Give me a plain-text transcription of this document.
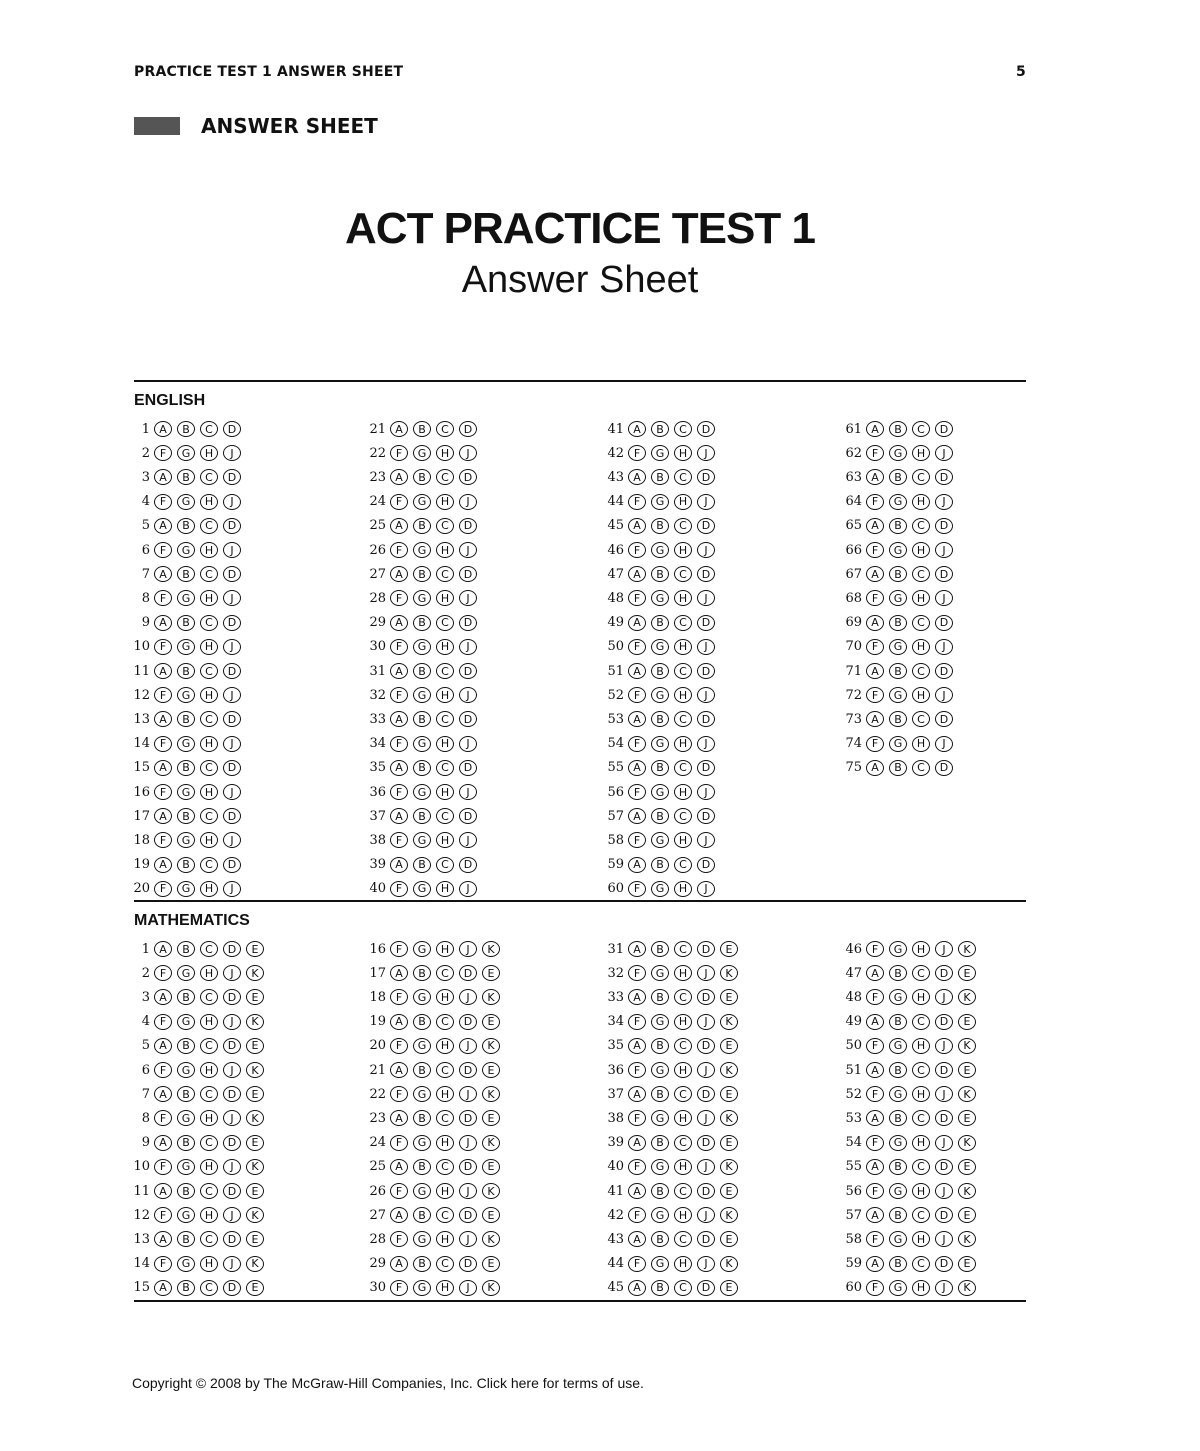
PRACTICE TEST 1 ANSWER SHEET	5
ANSWER SHEET
ACT PRACTICE TEST 1
Answer Sheet
ENGLISH
1 A	B	C	D
2 F	G	H	J
3 A	B	C	D
4 F	G	H	J
5 A	B	C	D
6 F	G	H	J
7 A	B	C	D
8 F	G	H	J
9 A	B	C	D
10 F	G	H	J
11 A	B	C	D
12 F	G	H	J
13 A	B	C	D
14 F	G	H	J
15 A	B	C	D
16 F	G	H	J
17 A	B	C	D
18 F	G	H	J
19 A	B	C	D
20 F	G	H	J
21 A	B	C	D
22 F	G	H	J
23 A	B	C	D
24 F	G	H	J
25 A	B	C	D
26 F	G	H	J
27 A	B	C	D
28 F	G	H	J
29 A	B	C	D
30 F	G	H	J
31 A	B	C	D
32 F	G	H	J
33 A	B	C	D
34 F	G	H	J
35 A	B	C	D
36 F	G	H	J
37 A	B	C	D
38 F	G	H	J
39 A	B	C	D
40 F	G	H	J
41 A	B	C	D
42 F	G	H	J
43 A	B	C	D
44 F	G	H	J
45 A	B	C	D
46 F	G	H	J
47 A	B	C	D
48 F	G	H	J
49 A	B	C	D
50 F	G	H	J
51 A	B	C	D
52 F	G	H	J
53 A	B	C	D
54 F	G	H	J
55 A	B	C	D
56 F	G	H	J
57 A	B	C	D
58 F	G	H	J
59 A	B	C	D
60 F	G	H	J
61 A	B	C	D
62 F	G	H	J
63 A	B	C	D
64 F	G	H	J
65 A	B	C	D
66 F	G	H	J
67 A	B	C	D
68 F	G	H	J
69 A	B	C	D
70 F	G	H	J
71 A	B	C	D
72 F	G	H	J
73 A	B	C	D
74 F	G	H	J
75 A	B	C	D
MATHEMATICS
1 A	B	C	D	E
2 F	G	H	J	K
3 A	B	C	D	E
4 F	G	H	J	K
5 A	B	C	D	E
6 F	G	H	J	K
7 A	B	C	D	E
8 F	G	H	J	K
9 A	B	C	D	E
10 F	G	H	J	K
11 A	B	C	D	E
12 F	G	H	J	K
13 A	B	C	D	E
14 F	G	H	J	K
15 A	B	C	D	E
16 F	G	H	J	K
17 A	B	C	D	E
18 F	G	H	J	K
19 A	B	C	D	E
20 F	G	H	J	K
21 A	B	C	D	E
22 F	G	H	J	K
23 A	B	C	D	E
24 F	G	H	J	K
25 A	B	C	D	E
26 F	G	H	J	K
27 A	B	C	D	E
28 F	G	H	J	K
29 A	B	C	D	E
30 F	G	H	J	K
31 A	B	C	D	E
32 F	G	H	J	K
33 A	B	C	D	E
34 F	G	H	J	K
35 A	B	C	D	E
36 F	G	H	J	K
37 A	B	C	D	E
38 F	G	H	J	K
39 A	B	C	D	E
40 F	G	H	J	K
41 A	B	C	D	E
42 F	G	H	J	K
43 A	B	C	D	E
44 F	G	H	J	K
45 A	B	C	D	E
46 F	G	H	J	K
47 A	B	C	D	E
48 F	G	H	J	K
49 A	B	C	D	E
50 F	G	H	J	K
51 A	B	C	D	E
52 F	G	H	J	K
53 A	B	C	D	E
54 F	G	H	J	K
55 A	B	C	D	E
56 F	G	H	J	K
57 A	B	C	D	E
58 F	G	H	J	K
59 A	B	C	D	E
60 F	G	H	J	K
Copyright © 2008 by The McGraw-Hill Companies, Inc. Click here for terms of use.
